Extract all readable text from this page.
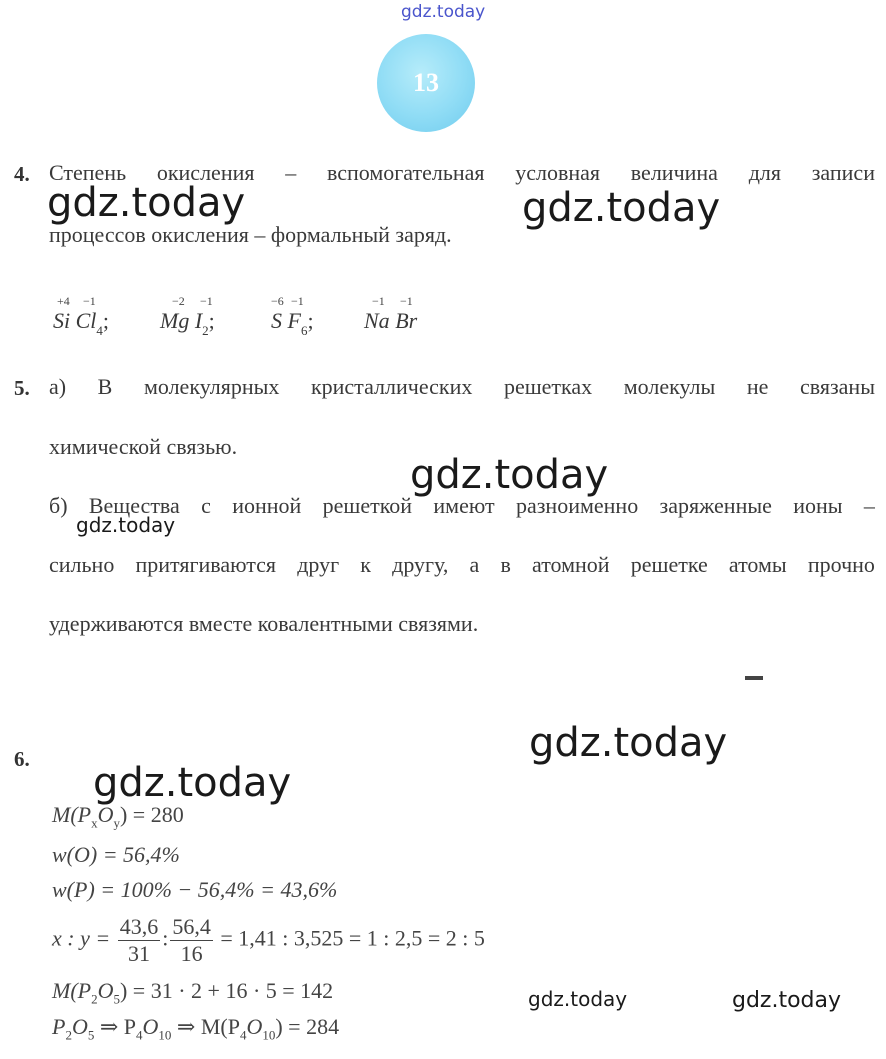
gdz.today
13
4. Степень окисления – вспомогательная условная величина для записи
процессов окисления – формальный заряд.
+4 −1
Si $Cl_4$;
−2 −1
Mg $I_2$;
−6 −1
S $F_6$;
−1 −1
Na Br
5. а) В молекулярных кристаллических решетках молекулы не связаны
химической связью.
б) Вещества с ионной решеткой имеют разноименно заряженные ионы –
сильно притягиваются друг к другу, а в атомной решетке атомы прочно
удерживаются вместе ковалентными связями.
6.
$M(P_xO_y) = 280$
w(O) = 56,4%
w(P) = 100% − 56,4% = 43,6%
x : $y = \frac{43,6}{31}$ : $\frac{56,4}{16} = 1,41$ : 3,525 = 1 : 2,5 = 2 : 5
$M(P_2O_5) = 31 \cdot 2 + 16 \cdot 5 = 142$
$P_2O_5$ ⇒ $P_4O_{10}$ ⇒ $M(P_4O_{10}) = 284$
gdz.today	gdz.today
gdz.today
gdz.today
gdz.today
gdz.today
gdz.today	gdz.today
